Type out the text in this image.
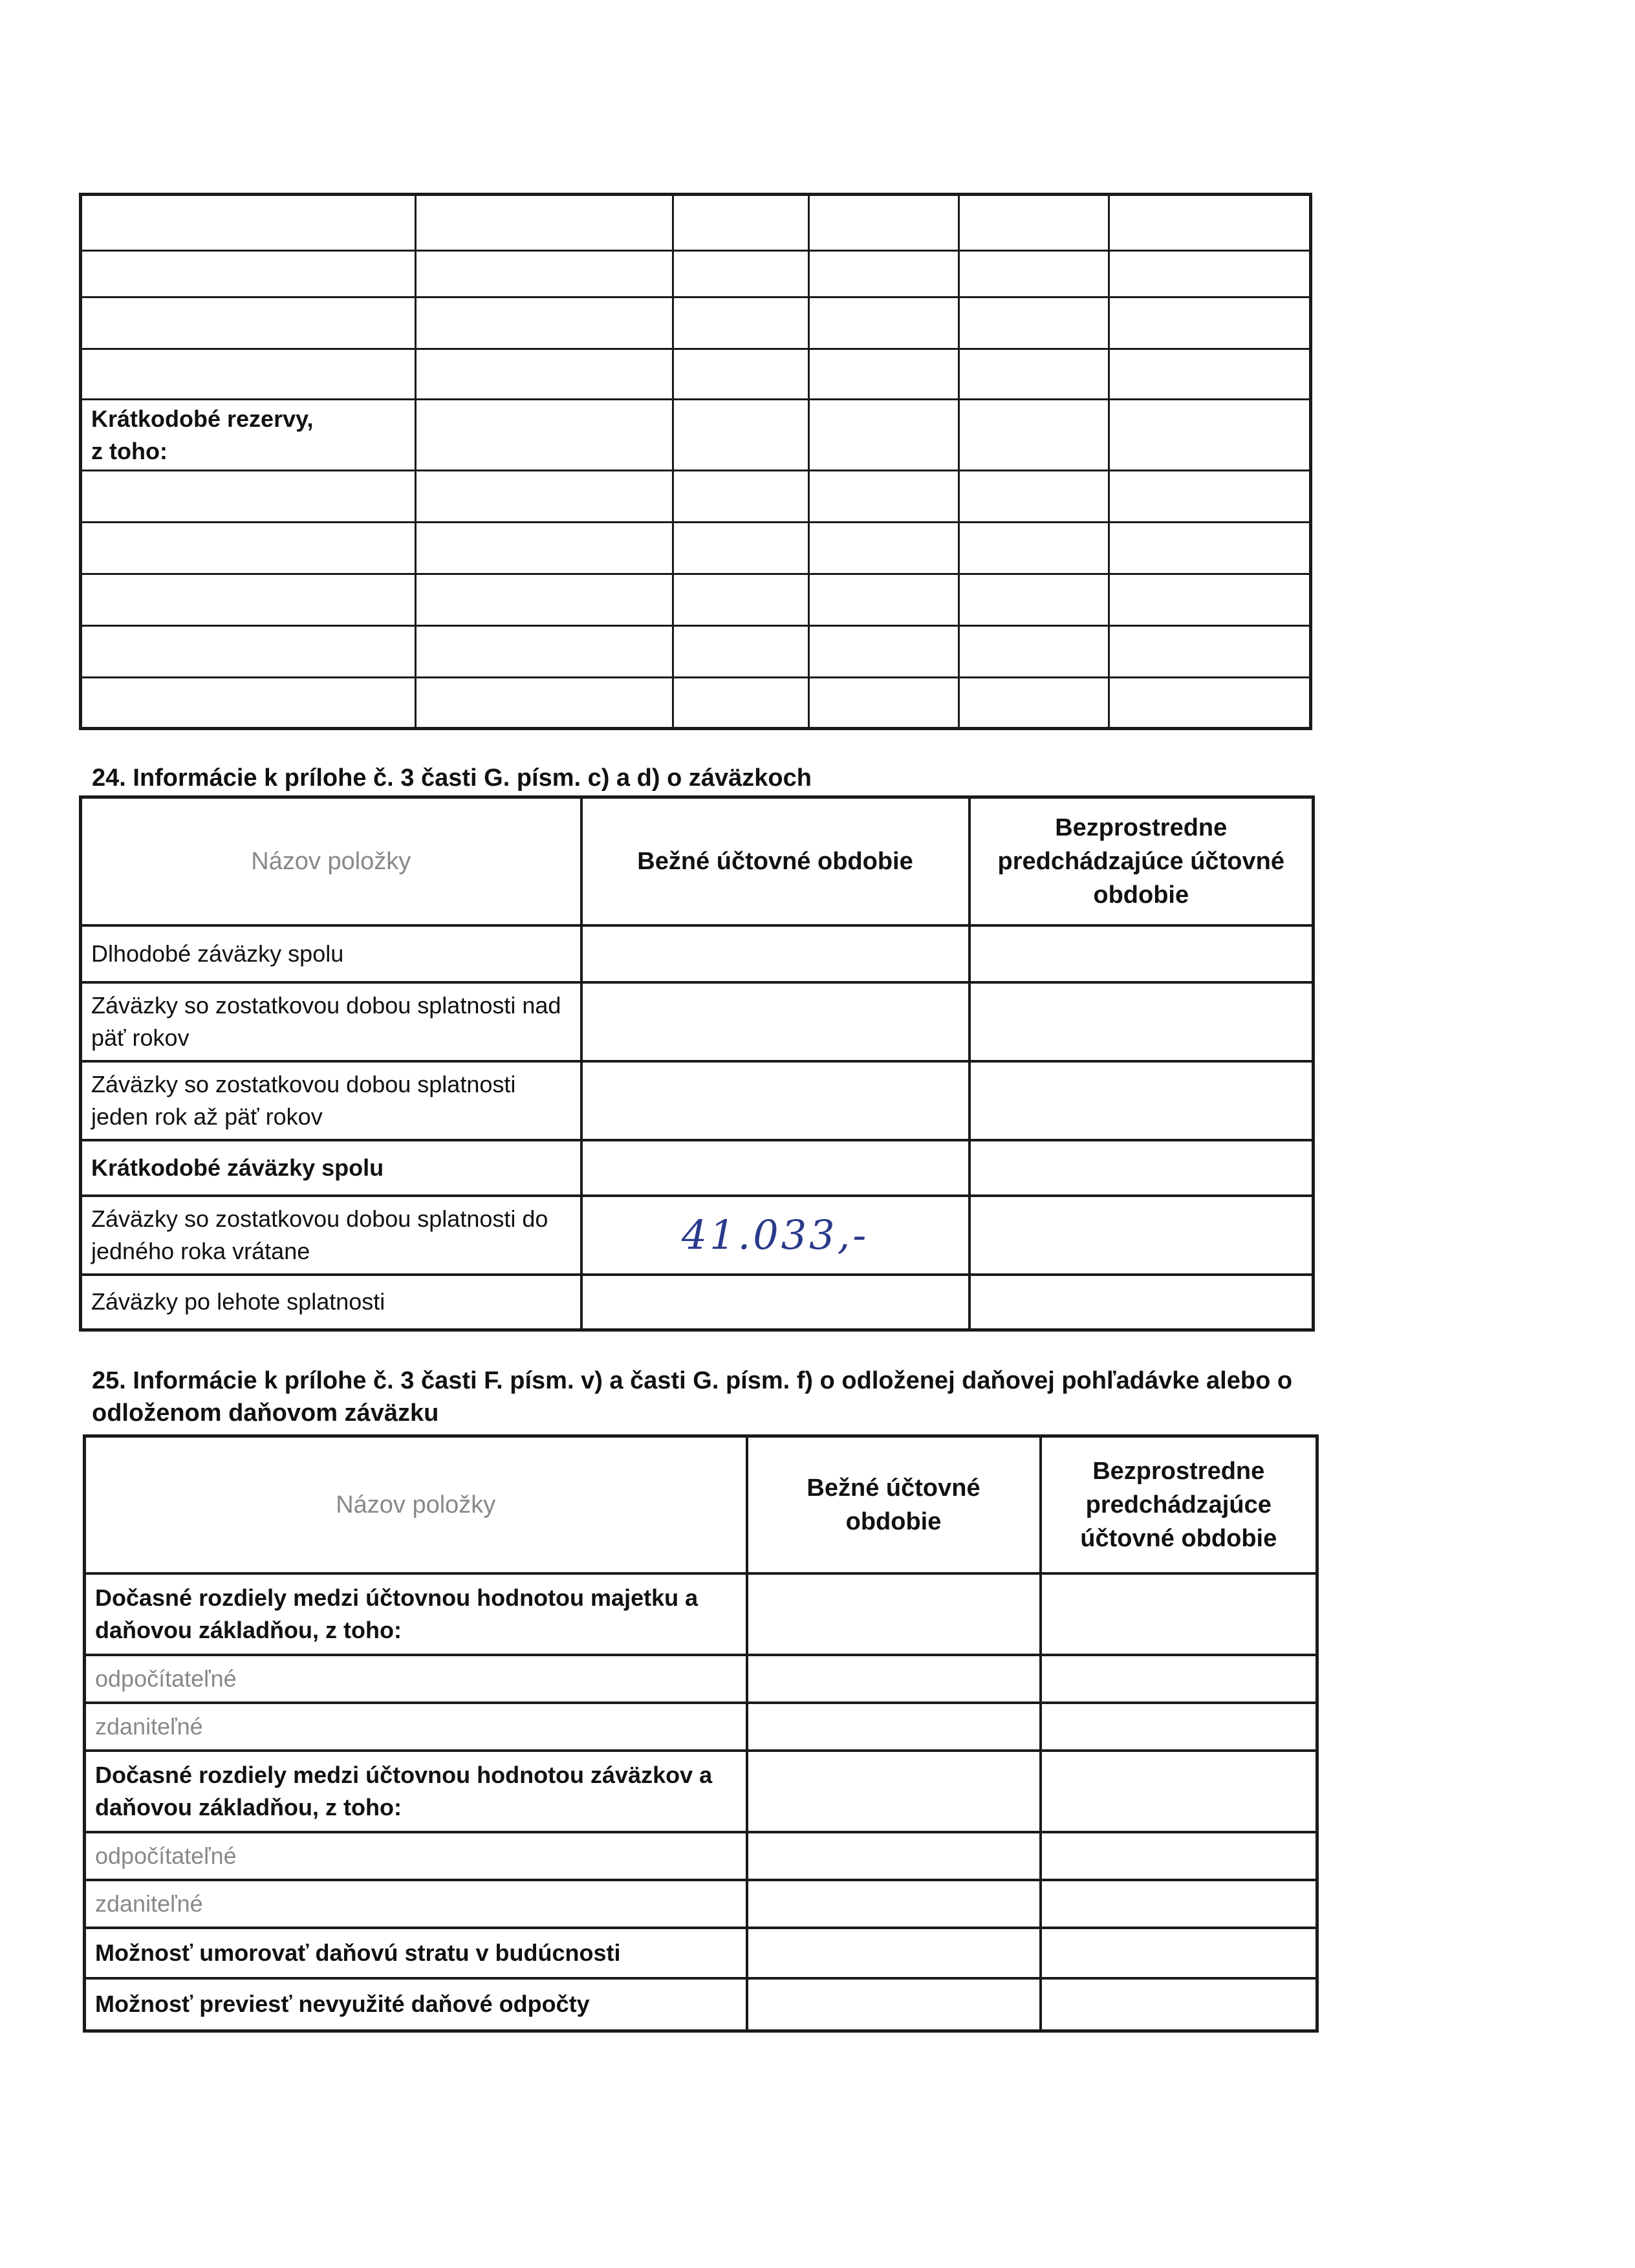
Krátkodobé rezervy,
z toho:					

24. Informácie k prílohe č. 3 časti G. písm. c) a d) o záväzkoch
Názov položky	Bežné účtovné obdobie	Bezprostredne predchádzajúce účtovné obdobie
Dlhodobé záväzky spolu		
Záväzky so zostatkovou dobou splatnosti nad päť rokov		
Záväzky so zostatkovou dobou splatnosti jeden rok až päť rokov		
Krátkodobé záväzky spolu		
Záväzky so zostatkovou dobou splatnosti do jedného roka vrátane	41.033,-	
Záväzky po lehote splatnosti		
25. Informácie k prílohe č. 3 časti F. písm. v) a časti G. písm. f) o odloženej daňovej pohľadávke alebo o odloženom daňovom záväzku
Názov položky	Bežné účtovné obdobie	Bezprostredne predchádzajúce účtovné obdobie
Dočasné rozdiely medzi účtovnou hodnotou majetku a daňovou základňou, z toho:		
odpočítateľné		
zdaniteľné		
Dočasné rozdiely medzi účtovnou hodnotou záväzkov a daňovou základňou, z toho:		
odpočítateľné		
zdaniteľné		
Možnosť umorovať daňovú stratu v budúcnosti		
Možnosť previesť nevyužité daňové odpočty		
